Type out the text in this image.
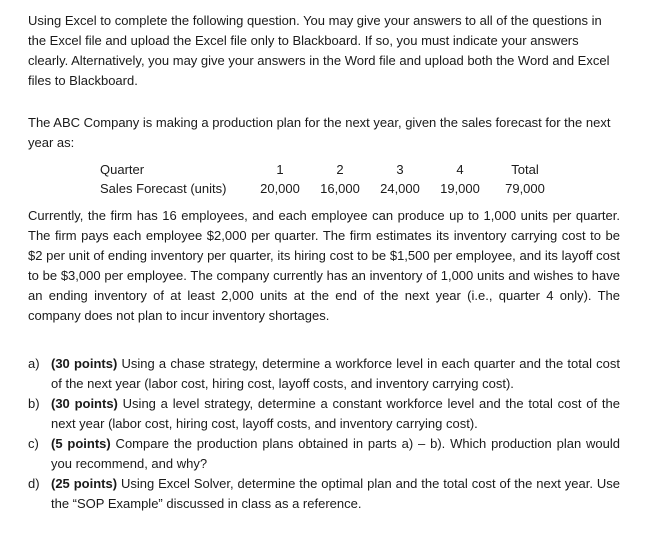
Using Excel to complete the following question. You may give your answers to all of the questions in the Excel file and upload the Excel file only to Blackboard. If so, you must indicate your answers clearly. Alternatively, you may give your answers in the Word file and upload both the Word and Excel files to Blackboard.

The ABC Company is making a production plan for the next year, given the sales forecast for the next year as:

Quarter	1	2	3	4	Total
Sales Forecast (units)	20,000	16,000	24,000	19,000	79,000

Currently, the firm has 16 employees, and each employee can produce up to 1,000 units per quarter. The firm pays each employee $2,000 per quarter. The firm estimates its inventory carrying cost to be $2 per unit of ending inventory per quarter, its hiring cost to be $1,500 per employee, and its layoff cost to be $3,000 per employee. The company currently has an inventory of 1,000 units and wishes to have an ending inventory of at least 2,000 units at the end of the next year (i.e., quarter 4 only). The company does not plan to incur inventory shortages.

a) (30 points) Using a chase strategy, determine a workforce level in each quarter and the total cost of the next year (labor cost, hiring cost, layoff costs, and inventory carrying cost).
b) (30 points) Using a level strategy, determine a constant workforce level and the total cost of the next year (labor cost, hiring cost, layoff costs, and inventory carrying cost).
c) (5 points) Compare the production plans obtained in parts a) – b). Which production plan would you recommend, and why?
d) (25 points) Using Excel Solver, determine the optimal plan and the total cost of the next year. Use the “SOP Example” discussed in class as a reference.
